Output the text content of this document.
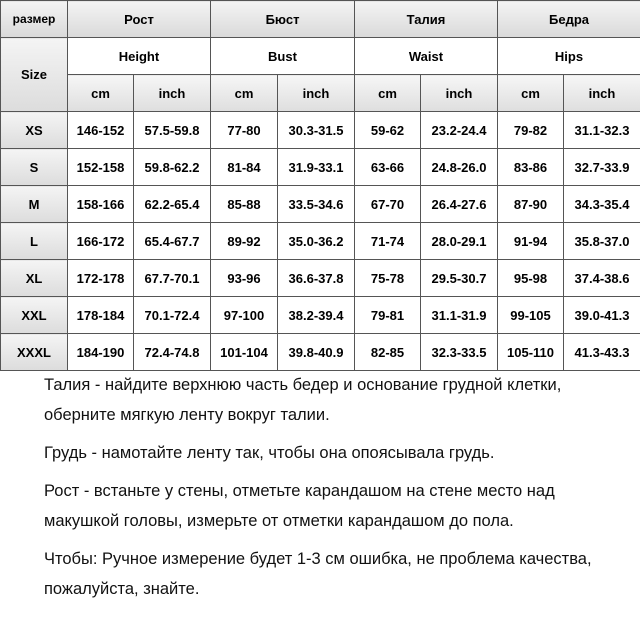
размер	Рост		Бюст		Талия		Бедра	
Size	Height		Bust		Waist		Hips	
	cm	inch	cm	inch	cm	inch	cm	inch
XS	146-152	57.5-59.8	77-80	30.3-31.5	59-62	23.2-24.4	79-82	31.1-32.3
S	152-158	59.8-62.2	81-84	31.9-33.1	63-66	24.8-26.0	83-86	32.7-33.9
M	158-166	62.2-65.4	85-88	33.5-34.6	67-70	26.4-27.6	87-90	34.3-35.4
L	166-172	65.4-67.7	89-92	35.0-36.2	71-74	28.0-29.1	91-94	35.8-37.0
XL	172-178	67.7-70.1	93-96	36.6-37.8	75-78	29.5-30.7	95-98	37.4-38.6
XXL	178-184	70.1-72.4	97-100	38.2-39.4	79-81	31.1-31.9	99-105	39.0-41.3
XXXL	184-190	72.4-74.8	101-104	39.8-40.9	82-85	32.3-33.5	105-110	41.3-43.3

Талия - найдите верхнюю часть бедер и основание грудной клетки, оберните мягкую ленту вокруг талии.

Грудь - намотайте ленту так, чтобы она опоясывала грудь.

Рост - встаньте у стены, отметьте карандашом на стене место над макушкой головы, измерьте от отметки карандашом до пола.

Чтобы: Ручное измерение будет 1-3 см ошибка, не проблема качества, пожалуйста, знайте.
